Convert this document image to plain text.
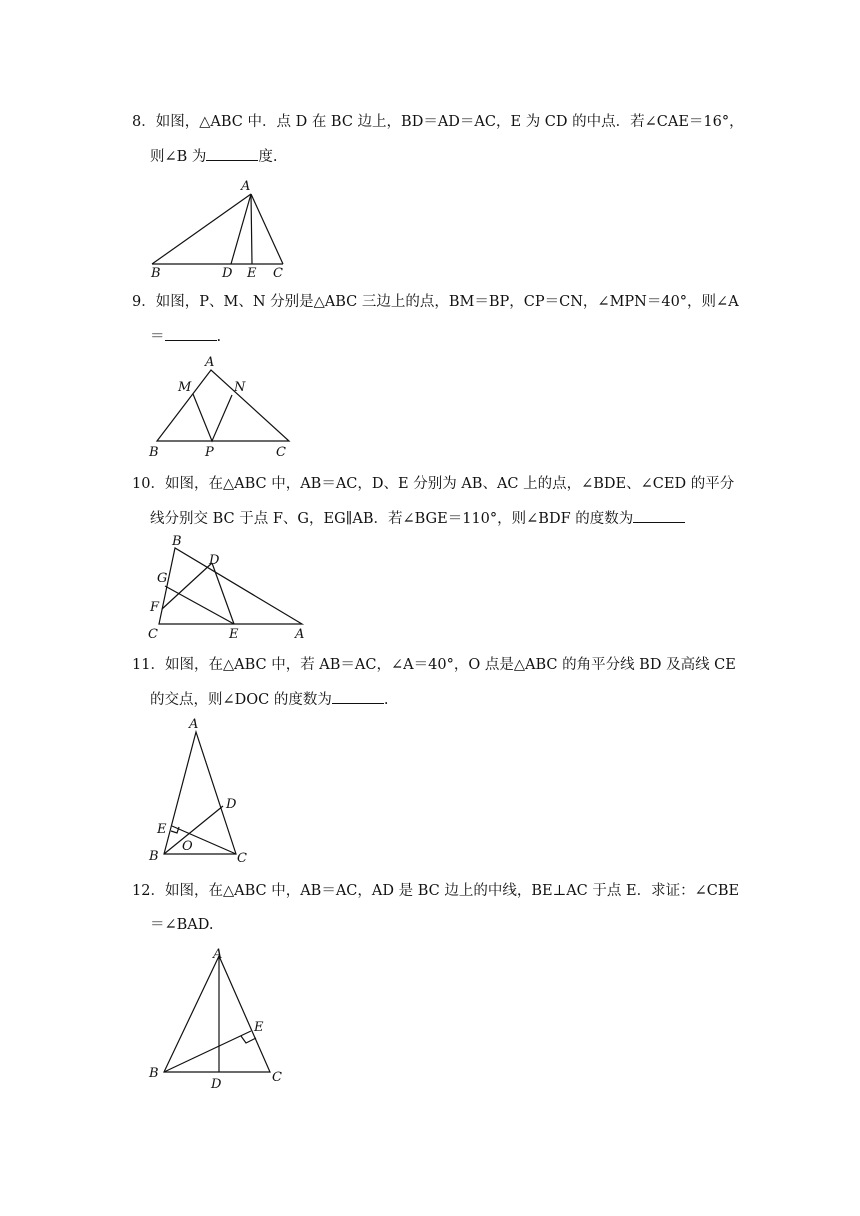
8．如图，△ABC 中．点 D 在 BC 边上，BD＝AD＝AC，E 为 CD 的中点．若∠CAE＝16°，
则∠B 为	度.
A
B	D E C
9．如图，P、M、N 分别是△ABC 三边上的点，BM＝BP，CP＝CN，∠MPN＝40°，则∠A
＝	.
A
M	N
B	P	C
10．如图，在△ABC 中，AB＝AC，D、E 分别为 AB、AC 上的点，∠BDE、∠CED 的平分
线分别交 BC 于点 F、G，EG∥AB．若∠BGE＝110°，则∠BDF 的度数为
B
D
G
F
C	E	A
11．如图，在△ABC 中，若 AB＝AC，∠A＝40°，O 点是△ABC 的角平分线 BD 及高线 CE
的交点，则∠DOC 的度数为	.
A
D
E
O
B	C
12．如图，在△ABC 中，AB＝AC，AD 是 BC 边上的中线，BE⊥AC 于点 E．求证：∠CBE
＝∠BAD.
A
E
B
D	C
